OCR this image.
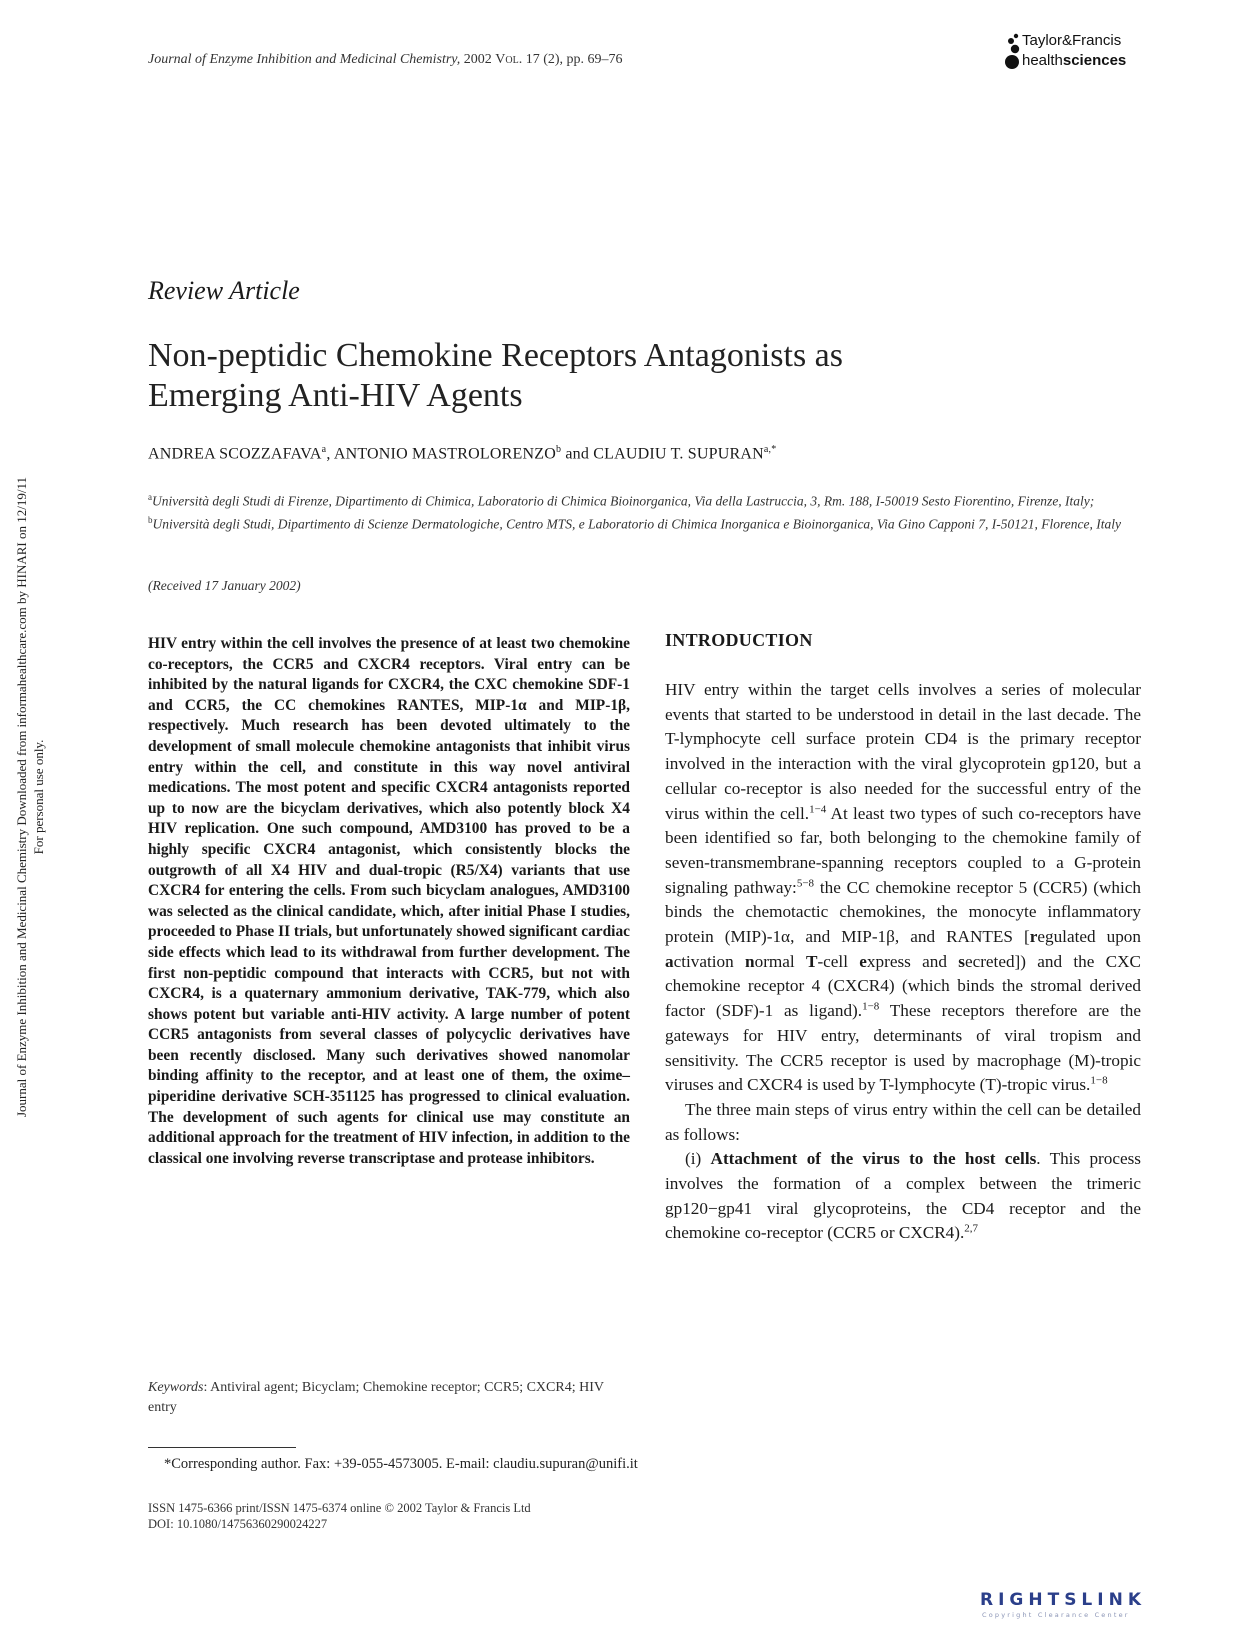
Journal of Enzyme Inhibition and Medicinal Chemistry, 2002 Vol. 17 (2), pp. 69–76
Taylor&Francis
healthsciences
Journal of Enzyme Inhibition and Medicinal Chemistry Downloaded from informahealthcare.com by HINARI on 12/19/11 For personal use only.
Review Article
Non-peptidic Chemokine Receptors Antagonists as
Emerging Anti-HIV Agents
ANDREA SCOZZAFAVA$^a$, ANTONIO MASTROLORENZO$^b$ and CLAUDIU T. $SUPURAN^{a,*}$
$^a$Università degli Studi di Firenze, Dipartimento di Chimica, Laboratorio di Chimica Bioinorganica, Via della Lastruccia, 3, Rm. 188, I-50019 Sesto Fiorentino, Firenze, Italy; $^b$Università degli Studi, Dipartimento di Scienze Dermatologiche, Centro MTS, e Laboratorio di Chimica Inorganica e Bioinorganica, Via Gino Capponi 7, I-50121, Florence, Italy
(Received 17 January 2002)
HIV entry within the cell involves the presence of at least two chemokine co-receptors, the CCR5 and CXCR4 receptors. Viral entry can be inhibited by the natural ligands for CXCR4, the CXC chemokine SDF-1 and CCR5, the CC chemokines RANTES, MIP-1α and MIP-1β, respectively. Much research has been devoted ultimately to the development of small molecule chemokine antagonists that inhibit virus entry within the cell, and constitute in this way novel antiviral medications. The most potent and specific CXCR4 antagonists reported up to now are the bicyclam derivatives, which also potently block X4 HIV replication. One such compound, AMD3100 has proved to be a highly specific CXCR4 antagonist, which consistently blocks the outgrowth of all X4 HIV and dual-tropic (R5/X4) variants that use CXCR4 for entering the cells. From such bicyclam analogues, AMD3100 was selected as the clinical candidate, which, after initial Phase I studies, proceeded to Phase II trials, but unfortunately showed significant cardiac side effects which lead to its withdrawal from further development. The first non-peptidic compound that interacts with CCR5, but not with CXCR4, is a quaternary ammonium derivative, TAK-779, which also shows potent but variable anti-HIV activity. A large number of potent CCR5 antagonists from several classes of polycyclic derivatives have been recently disclosed. Many such derivatives showed nanomolar binding affinity to the receptor, and at least one of them, the oxime–piperidine derivative SCH-351125 has progressed to clinical evaluation. The development of such agents for clinical use may constitute an additional approach for the treatment of HIV infection, in addition to the classical one involving reverse transcriptase and protease inhibitors.
Keywords: Antiviral agent; Bicyclam; Chemokine receptor; CCR5; CXCR4; HIV entry
INTRODUCTION

HIV entry within the target cells involves a series of molecular events that started to be understood in detail in the last decade. The T-lymphocyte cell surface protein CD4 is the primary receptor involved in the interaction with the viral glycoprotein gp120, but a cellular co-receptor is also needed for the successful entry of the virus within the cell.$^{1-4}$ At least two types of such co-receptors have been identified so far, both belonging to the chemokine family of seven-transmembrane-spanning receptors coupled to a G-protein signaling pathway:$^{5-8}$ the CC chemokine receptor 5 (CCR5) (which binds the chemotactic chemokines, the monocyte inflammatory protein (MIP)-1α, and MIP-1β, and RANTES [regulated upon activation normal T-cell express and secreted]) and the CXC chemokine receptor 4 (CXCR4) (which binds the stromal derived factor (SDF)-1 as ligand).$^{1-8}$ These receptors therefore are the gateways for HIV entry, determinants of viral tropism and sensitivity. The CCR5 receptor is used by macrophage (M)-tropic viruses and CXCR4 is used by T-lymphocyte (T)-tropic virus.$^{1-8}$

The three main steps of virus entry within the cell can be detailed as follows:

(i) Attachment of the virus to the host cells. This process involves the formation of a complex between the trimeric gp120−gp41 viral glycoproteins, the CD4 receptor and the chemokine co-receptor (CCR5 or CXCR4).$^{2,7}$

*Corresponding author. Fax: +39-055-4573005. E-mail: claudiu.supuran@unifi.it
ISSN 1475-6366 print/ISSN 1475-6374 online © 2002 Taylor & Francis Ltd
DOI: 10.1080/14756360290024227
RIGHTSLINK
Copyright Clearance Center
